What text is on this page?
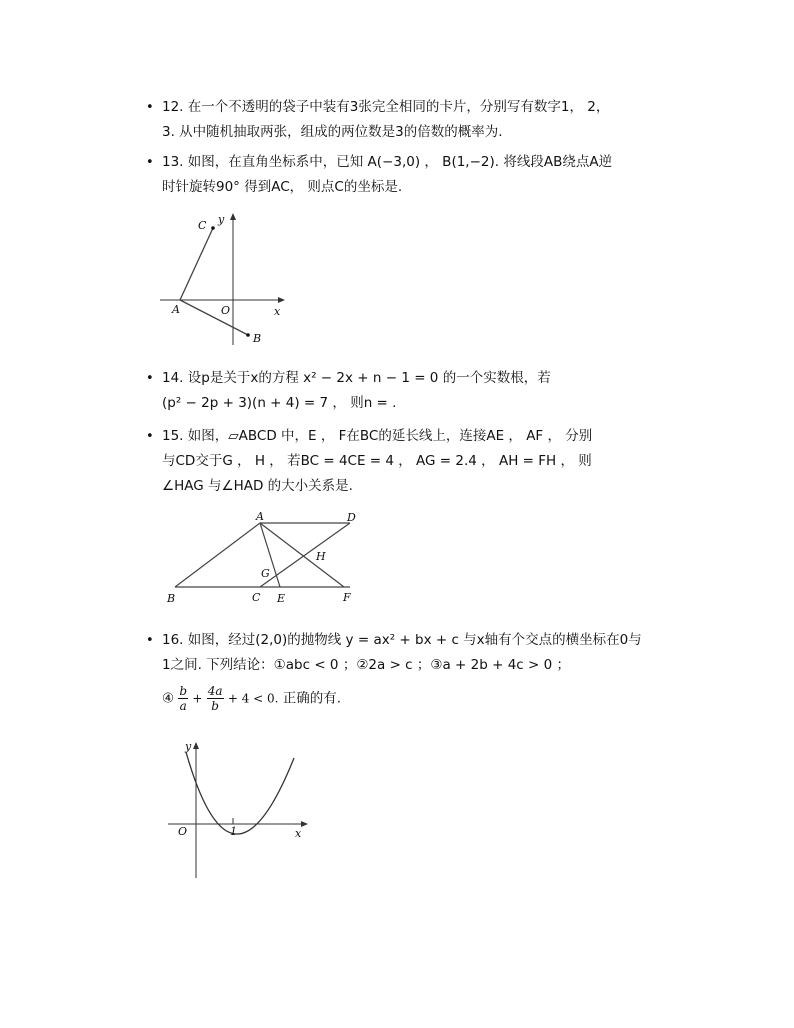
• 12. 在一个不透明的袋子中装有3张完全相同的卡片，分别写有数字1， 2，
3. 从中随机抽取两张，组成的两位数是3的倍数的概率为.
• 13. 如图，在直角坐标系中，已知 A(−3,0) ， B(1,−2). 将线段AB绕点A逆
时针旋转90° 得到AC， 则点C的坐标是.
C y
A	O	x
B
• 14. 设p是关于x的方程 x² − 2x + n − 1 = 0 的一个实数根，若
(p² − 2p + 3)(n + 4) = 7 ， 则n = .
• 15. 如图，▱ABCD 中，E ， F在BC的延长线上，连接AE ， AF ， 分别
与CD交于G ， H ， 若BC = 4CE = 4 ， AG = 2.4 ， AH = FH ， 则
∠HAG 与∠HAD 的大小关系是.
A	D
H
G
B	C E	F
• 16. 如图，经过(2,0)的抛物线 y = ax² + bx + c 与x轴有个交点的横坐标在0与
1之间. 下列结论：①abc < 0 ；②2a > c ；③a + 2b + 4c > 0 ；
④ $\frac{b}{a} + \frac{4a}{b} + 4 < 0$. 正确的有.
y
O	1	x
